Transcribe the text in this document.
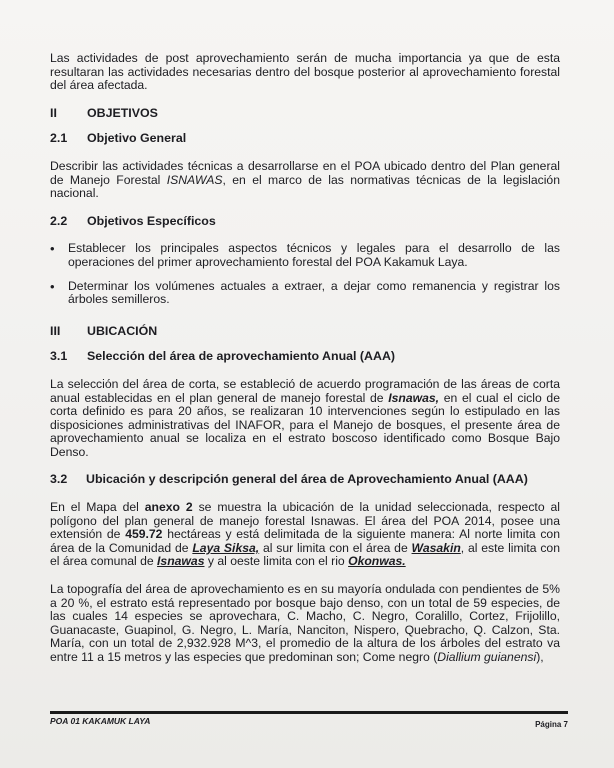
Las actividades de post aprovechamiento serán de mucha importancia ya que de esta resultaran las actividades necesarias dentro del bosque posterior al aprovechamiento forestal del área afectada.

II	OBJETIVOS
2.1	Objetivo General

Describir las actividades técnicas a desarrollarse en el POA ubicado dentro del Plan general de Manejo Forestal ISNAWAS, en el marco de las normativas técnicas de la legislación nacional.

2.2	Objetivos Específicos
•	Establecer los principales aspectos técnicos y legales para el desarrollo de las operaciones del primer aprovechamiento forestal del POA Kakamuk Laya.
•	Determinar los volúmenes actuales a extraer, a dejar como remanencia y registrar los árboles semilleros.
III	UBICACIÓN
3.1	Selección del área de aprovechamiento Anual (AAA)

La selección del área de corta, se estableció de acuerdo programación de las áreas de corta anual establecidas en el plan general de manejo forestal de Isnawas, en el cual el ciclo de corta definido es para 20 años, se realizaran 10 intervenciones según lo estipulado en las disposiciones administrativas del INAFOR, para el Manejo de bosques, el presente área de aprovechamiento anual se localiza en el estrato boscoso identificado como Bosque Bajo Denso.

3.2	Ubicación y descripción general del área de Aprovechamiento Anual (AAA)

En el Mapa del anexo 2 se muestra la ubicación de la unidad seleccionada, respecto al polígono del plan general de manejo forestal Isnawas. El área del POA 2014, posee una extensión de 459.72 hectáreas y está delimitada de la siguiente manera: Al norte limita con área de la Comunidad de Laya Siksa, al sur limita con el área de Wasakin, al este limita con el área comunal de Isnawas y al oeste limita con el rio Okonwas.

La topografía del área de aprovechamiento es en su mayoría ondulada con pendientes de 5% a 20 %, el estrato está representado por bosque bajo denso, con un total de 59 especies, de las cuales 14 especies se aprovechara, C. Macho, C. Negro, Coralillo, Cortez, Frijolillo, Guanacaste, Guapinol, G. Negro, L. María, Nanciton, Nispero, Quebracho, Q. Calzon, Sta. María, con un total de 2,932.928 M^3, el promedio de la altura de los árboles del estrato va entre 11 a 15 metros y las especies que predominan son; Come negro (Diallium guianensi),

POA 01 KAKAMUK LAYA	Página 7
